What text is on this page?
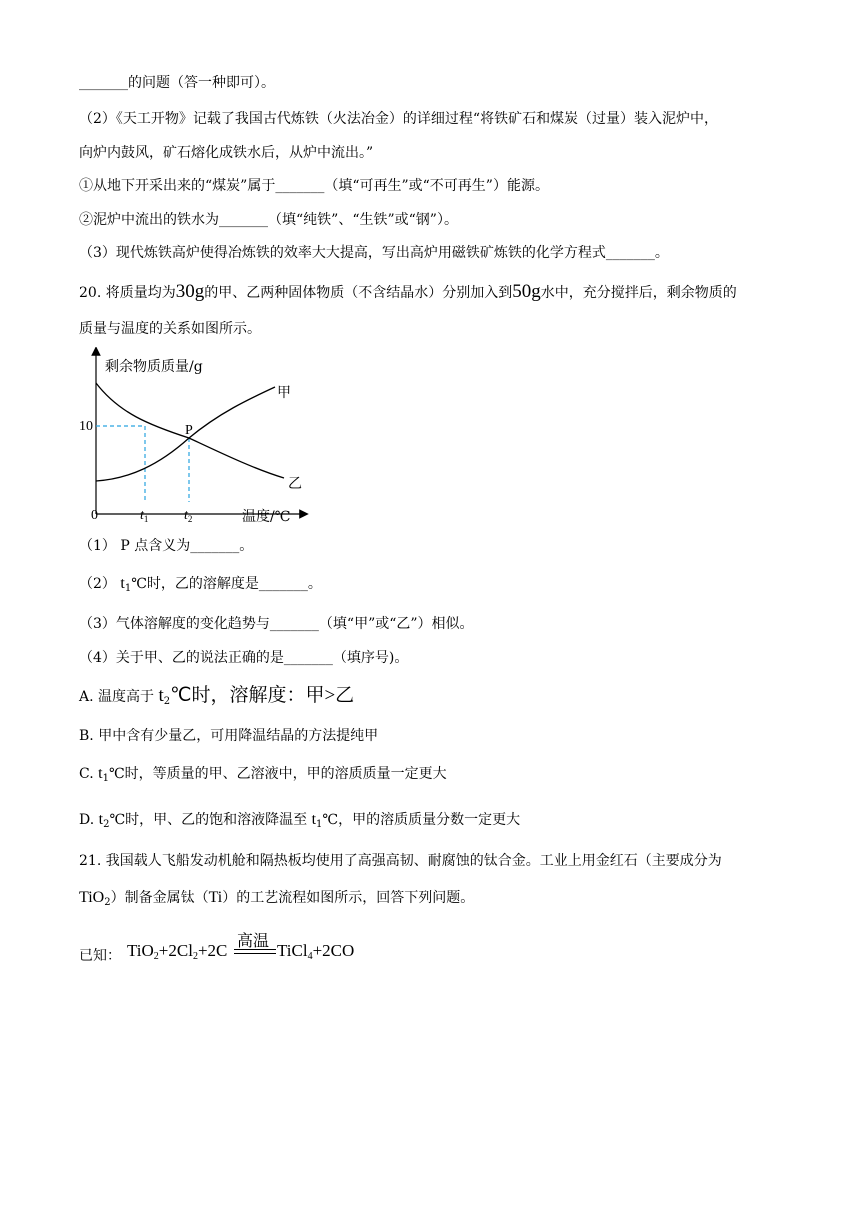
_______的问题（答一种即可）。
（2）《天工开物》记载了我国古代炼铁（火法冶金）的详细过程“将铁矿石和煤炭（过量）装入泥炉中，
向炉内鼓风，矿石熔化成铁水后，从炉中流出。”
①从地下开采出来的“煤炭”属于_______（填“可再生”或“不可再生”）能源。
②泥炉中流出的铁水为_______（填“纯铁”、“生铁”或“钢”）。
（3）现代炼铁高炉使得冶炼铁的效率大大提高，写出高炉用磁铁矿炼铁的化学方程式_______。
20. 将质量均为30g的甲、乙两种固体物质（不含结晶水）分别加入到50g水中，充分搅拌后，剩余物质的
质量与温度的关系如图所示。
剩余物质质量/g
甲
乙
10	P
0	$t_1$	$t_2$	温度/℃
（1） P 点含义为_______。
（2） $t_1℃$时，乙的溶解度是_______。
（3）气体溶解度的变化趋势与_______（填“甲”或“乙”）相似。
（4）关于甲、乙的说法正确的是_______（填序号)。
A. 温度高于 $t_2℃$时，溶解度：甲>乙
B. 甲中含有少量乙，可用降温结晶的方法提纯甲
C. $t_1℃$时，等质量的甲、乙溶液中，甲的溶质质量一定更大
D. $t_2℃$时，甲、乙的饱和溶液降温至 $t_1℃$，甲的溶质质量分数一定更大
21. 我国载人飞船发动机舱和隔热板均使用了高强高韧、耐腐蚀的钛合金。工业上用金红石（主要成分为
TiO$_2$）制备金属钛（Ti）的工艺流程如图所示，回答下列问题。
已知： $TiO_2+2Cl_2+2C$
高温
TiCl$_4$+2CO
